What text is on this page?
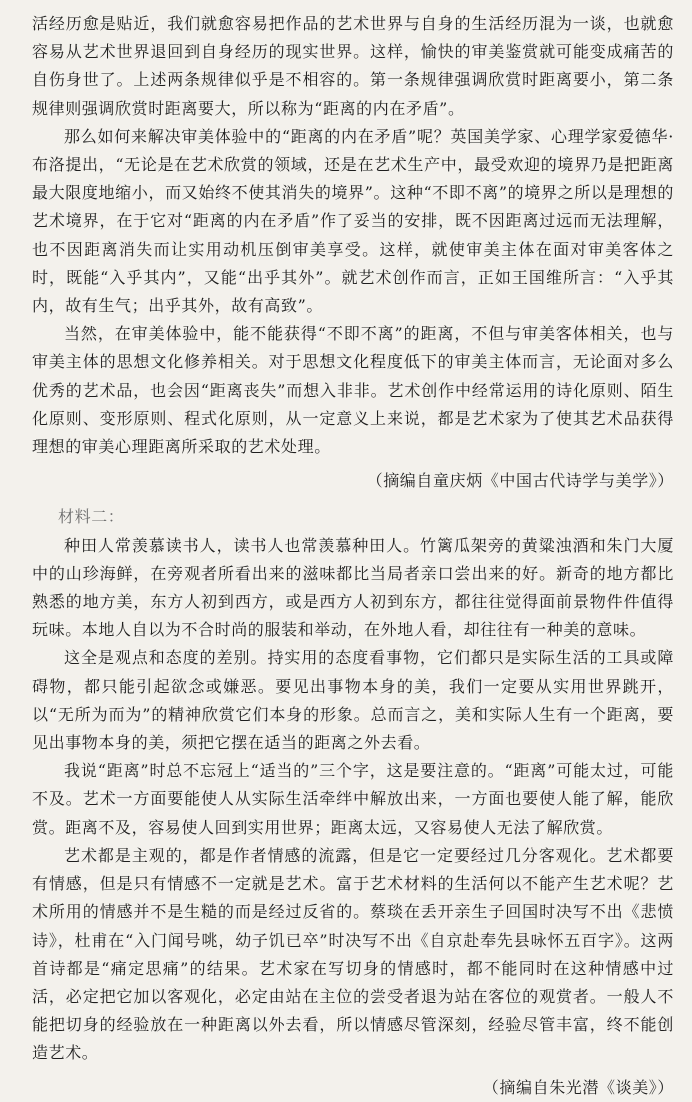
活经历愈是贴近，我们就愈容易把作品的艺术世界与自身的生活经历混为一谈，也就愈容易从艺术世界退回到自身经历的现实世界。这样，愉快的审美鉴赏就可能变成痛苦的自伤身世了。上述两条规律似乎是不相容的。第一条规律强调欣赏时距离要小，第二条规律则强调欣赏时距离要大，所以称为“距离的内在矛盾”。

那么如何来解决审美体验中的“距离的内在矛盾”呢？英国美学家、心理学家爱德华·布洛提出，“无论是在艺术欣赏的领域，还是在艺术生产中，最受欢迎的境界乃是把距离最大限度地缩小，而又始终不使其消失的境界”。这种“不即不离”的境界之所以是理想的艺术境界，在于它对“距离的内在矛盾”作了妥当的安排，既不因距离过远而无法理解，也不因距离消失而让实用动机压倒审美享受。这样，就使审美主体在面对审美客体之时，既能“入乎其内”，又能“出乎其外”。就艺术创作而言，正如王国维所言：“入乎其内，故有生气；出乎其外，故有高致”。

当然，在审美体验中，能不能获得“不即不离”的距离，不但与审美客体相关，也与审美主体的思想文化修养相关。对于思想文化程度低下的审美主体而言，无论面对多么优秀的艺术品，也会因“距离丧失”而想入非非。艺术创作中经常运用的诗化原则、陌生化原则、变形原则、程式化原则，从一定意义上来说，都是艺术家为了使其艺术品获得理想的审美心理距离所采取的艺术处理。

（摘编自童庆炳《中国古代诗学与美学》）

材料二：

种田人常羡慕读书人，读书人也常羡慕种田人。竹篱瓜架旁的黄粱浊酒和朱门大厦中的山珍海鲜，在旁观者所看出来的滋味都比当局者亲口尝出来的好。新奇的地方都比熟悉的地方美，东方人初到西方，或是西方人初到东方，都往往觉得面前景物件件值得玩味。本地人自以为不合时尚的服装和举动，在外地人看，却往往有一种美的意味。

这全是观点和态度的差别。持实用的态度看事物，它们都只是实际生活的工具或障碍物，都只能引起欲念或嫌恶。要见出事物本身的美，我们一定要从实用世界跳开，以“无所为而为”的精神欣赏它们本身的形象。总而言之，美和实际人生有一个距离，要见出事物本身的美，须把它摆在适当的距离之外去看。

我说“距离”时总不忘冠上“适当的”三个字，这是要注意的。“距离”可能太过，可能不及。艺术一方面要能使人从实际生活牵绊中解放出来，一方面也要使人能了解，能欣赏。距离不及，容易使人回到实用世界；距离太远，又容易使人无法了解欣赏。

艺术都是主观的，都是作者情感的流露，但是它一定要经过几分客观化。艺术都要有情感，但是只有情感不一定就是艺术。富于艺术材料的生活何以不能产生艺术呢？艺术所用的情感并不是生糙的而是经过反省的。蔡琰在丢开亲生子回国时决写不出《悲愤诗》，杜甫在“入门闻号咷，幼子饥已卒”时决写不出《自京赴奉先县咏怀五百字》。这两首诗都是“痛定思痛”的结果。艺术家在写切身的情感时，都不能同时在这种情感中过活，必定把它加以客观化，必定由站在主位的尝受者退为站在客位的观赏者。一般人不能把切身的经验放在一种距离以外去看，所以情感尽管深刻，经验尽管丰富，终不能创造艺术。

（摘编自朱光潜《谈美》）
